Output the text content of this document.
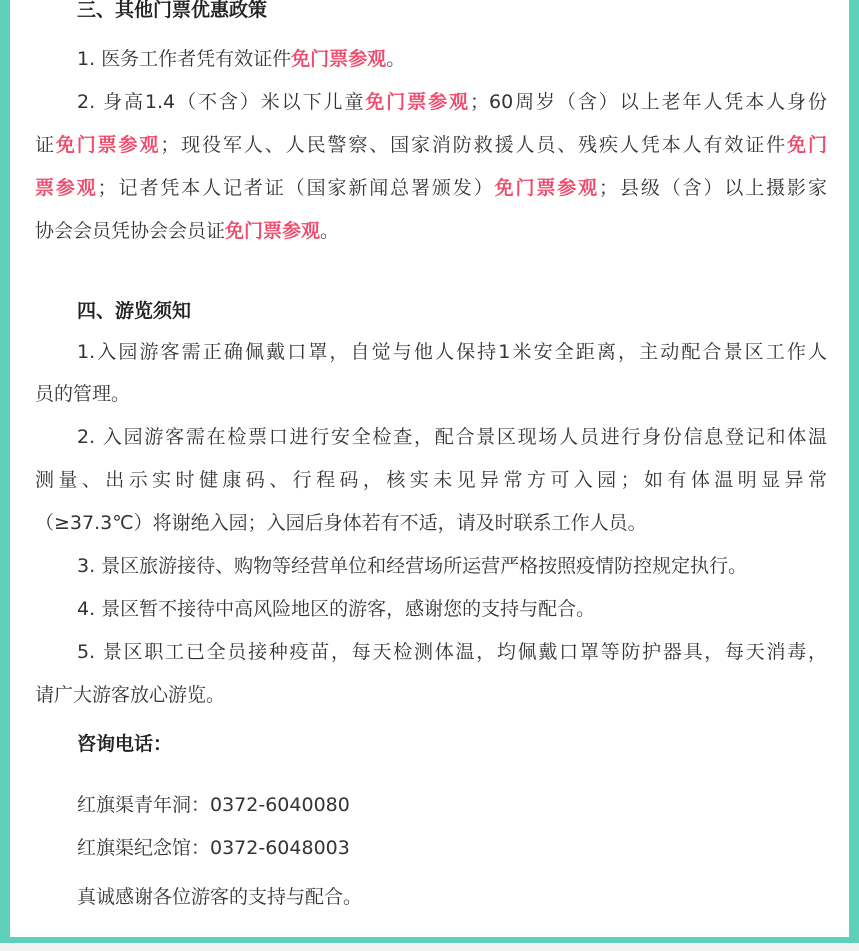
三、其他门票优惠政策
1. 医务工作者凭有效证件免门票参观。
2. 身高1.4（不含）米以下儿童免门票参观；60周岁（含）以上老年人凭本人身份
证免门票参观；现役军人、人民警察、国家消防救援人员、残疾人凭本人有效证件免门
票参观；记者凭本人记者证（国家新闻总署颁发）免门票参观；县级（含）以上摄影家
协会会员凭协会会员证免门票参观。
四、游览须知
1.入园游客需正确佩戴口罩，自觉与他人保持1米安全距离，主动配合景区工作人
员的管理。
2. 入园游客需在检票口进行安全检查，配合景区现场人员进行身份信息登记和体温
测量、出示实时健康码、行程码，核实未见异常方可入园；如有体温明显异常
（≥37.3℃）将谢绝入园；入园后身体若有不适，请及时联系工作人员。
3. 景区旅游接待、购物等经营单位和经营场所运营严格按照疫情防控规定执行。
4. 景区暂不接待中高风险地区的游客，感谢您的支持与配合。
5. 景区职工已全员接种疫苗，每天检测体温，均佩戴口罩等防护器具，每天消毒，
请广大游客放心游览。
咨询电话：
红旗渠青年洞：0372-6040080
红旗渠纪念馆：0372-6048003
真诚感谢各位游客的支持与配合。
